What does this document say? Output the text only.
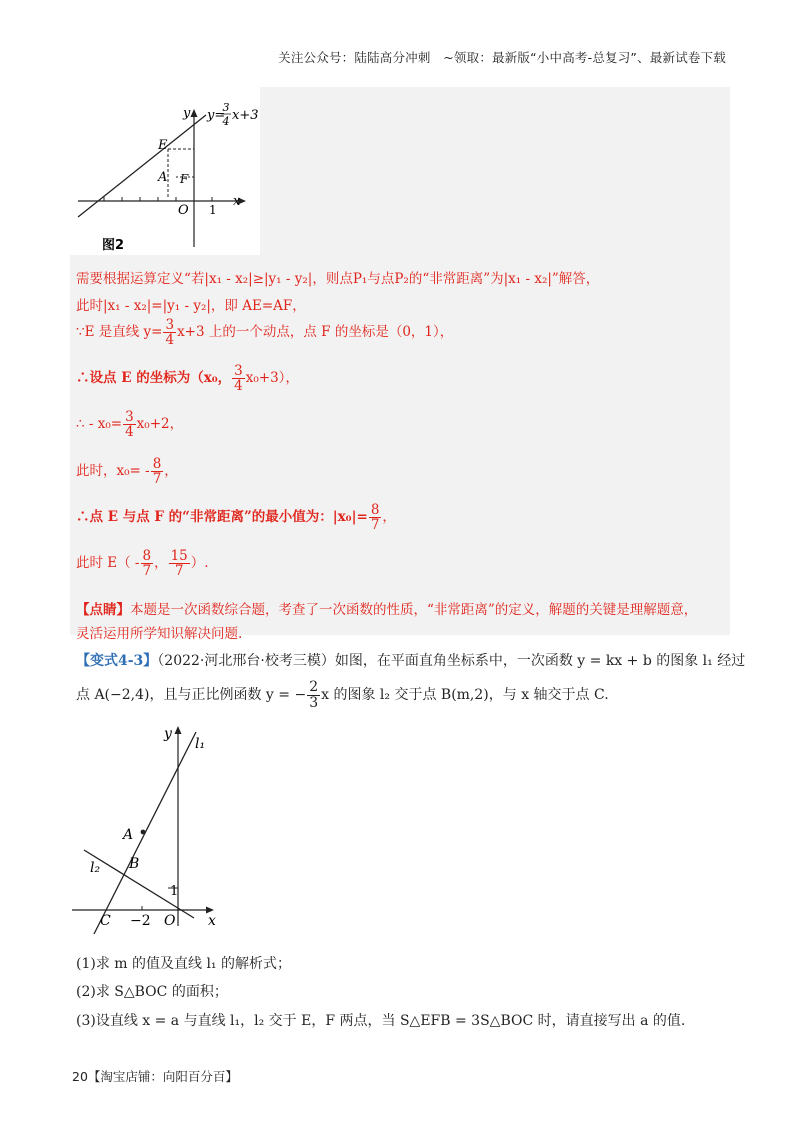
关注公众号：陆陆高分冲刺　~领取：最新版“小中高考-总复习”、最新试卷下载
y=
3
4 x+3
y
x
E
A F
O 1
图2
需要根据运算定义“若|x₁ - x₂|≥|y₁ - y₂|，则点P₁与点P₂的“非常距离”为|x₁ - x₂|”解答，
此时|x₁ - x₂|=|y₁ - y₂|，即 AE=AF，
∵E 是直线 $y= \frac{3}{4} x+3$ 上的一个动点，点 F 的坐标是（0，1），
∴设点 E 的坐标为（x₀， $\frac{3}{4} x_0+3$），
∴ - $x_0= \frac{3}{4} x_0+2$，
此时，$x_0= - \frac{8}{7}$ ，
∴点 E 与点 F 的“非常距离”的最小值为：$|x_0|= \frac{8}{7}$ ，
此时 $E( - \frac{8}{7}$ ， $\frac{15}{7}$ ）.
【点睛】本题是一次函数综合题，考查了一次函数的性质，“非常距离”的定义，解题的关键是理解题意，
灵活运用所学知识解决问题.
【变式4-3】（2022·河北邢台·校考三模）如图，在平面直角坐标系中，一次函数 y = kx + b 的图象 l₁ 经过
点 A(−2,4)，且与正比例函数 y = − $\frac{2}{3}$ x 的图象 l₂ 交于点 B(m,2)，与 x 轴交于点 C.
y
l₁
A
B
l₂
1
C −2 O x
(1)求 m 的值及直线 l₁ 的解析式；
(2)求 S△BOC 的面积；
(3)设直线 x = a 与直线 l₁，l₂ 交于 E，F 两点，当 S△EFB = 3S△BOC 时，请直接写出 a 的值.
20【淘宝店铺：向阳百分百】
